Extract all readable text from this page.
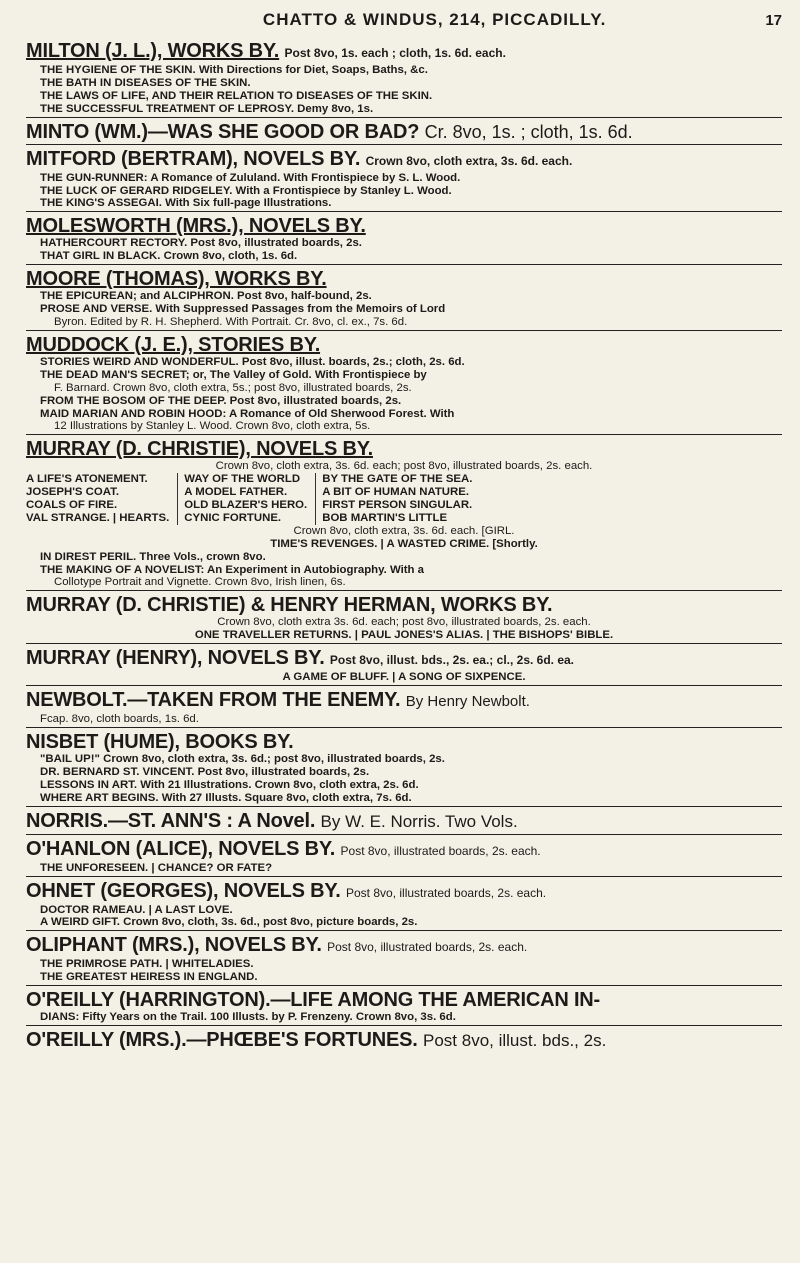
CHATTO & WINDUS, 214, PICCADILLY.	17
MILTON (J. L.), WORKS BY. Post 8vo, 1s. each ; cloth, 1s. 6d. each.
THE HYGIENE OF THE SKIN. With Directions for Diet, Soaps, Baths, &c.
THE BATH IN DISEASES OF THE SKIN.
THE LAWS OF LIFE, AND THEIR RELATION TO DISEASES OF THE SKIN.
THE SUCCESSFUL TREATMENT OF LEPROSY. Demy 8vo, 1s.
MINTO (WM.)—WAS SHE GOOD OR BAD? Cr. 8vo, 1s. ; cloth, 1s. 6d.
MITFORD (BERTRAM), NOVELS BY. Crown 8vo, cloth extra, 3s. 6d. each.
THE GUN-RUNNER: A Romance of Zululand. With Frontispiece by S. L. Wood.
THE LUCK OF GERARD RIDGELEY. With a Frontispiece by Stanley L. Wood.
THE KING'S ASSEGAI. With Six full-page Illustrations.
MOLESWORTH (MRS.), NOVELS BY.
HATHERCOURT RECTORY. Post 8vo, illustrated boards, 2s.
THAT GIRL IN BLACK. Crown 8vo, cloth, 1s. 6d.
MOORE (THOMAS), WORKS BY.
THE EPICUREAN; and ALCIPHRON. Post 8vo, half-bound, 2s.
PROSE AND VERSE. With Suppressed Passages from the Memoirs of Lord
Byron. Edited by R. H. Shepherd. With Portrait. Cr. 8vo, cl. ex., 7s. 6d.
MUDDOCK (J. E.), STORIES BY.
STORIES WEIRD AND WONDERFUL. Post 8vo, illust. boards, 2s.; cloth, 2s. 6d.
THE DEAD MAN'S SECRET; or, The Valley of Gold. With Frontispiece by
F. Barnard. Crown 8vo, cloth extra, 5s.; post 8vo, illustrated boards, 2s.
FROM THE BOSOM OF THE DEEP. Post 8vo, illustrated boards, 2s.
MAID MARIAN AND ROBIN HOOD: A Romance of Old Sherwood Forest. With
12 Illustrations by Stanley L. Wood. Crown 8vo, cloth extra, 5s.
MURRAY (D. CHRISTIE), NOVELS BY.
Crown 8vo, cloth extra, 3s. 6d. each; post 8vo, illustrated boards, 2s. each.
A LIFE'S ATONEMENT.
JOSEPH'S COAT.
COALS OF FIRE.
VAL STRANGE. | HEARTS.
WAY OF THE WORLD
A MODEL FATHER.
OLD BLAZER'S HERO.
CYNIC FORTUNE.
BY THE GATE OF THE SEA.
A BIT OF HUMAN NATURE.
FIRST PERSON SINGULAR.
BOB MARTIN'S LITTLE
Crown 8vo, cloth extra, 3s. 6d. each. [GIRL.
TIME'S REVENGES. | A WASTED CRIME. [Shortly.
IN DIREST PERIL. Three Vols., crown 8vo.
THE MAKING OF A NOVELIST: An Experiment in Autobiography. With a
Collotype Portrait and Vignette. Crown 8vo, Irish linen, 6s.
MURRAY (D. CHRISTIE) & HENRY HERMAN, WORKS BY.
Crown 8vo, cloth extra 3s. 6d. each; post 8vo, illustrated boards, 2s. each.
ONE TRAVELLER RETURNS. | PAUL JONES'S ALIAS. | THE BISHOPS' BIBLE.
MURRAY (HENRY), NOVELS BY. Post 8vo, illust. bds., 2s. ea.; cl., 2s. 6d. ea.
A GAME OF BLUFF. | A SONG OF SIXPENCE.
NEWBOLT.—TAKEN FROM THE ENEMY. By Henry Newbolt.
Fcap. 8vo, cloth boards, 1s. 6d.
NISBET (HUME), BOOKS BY.
"BAIL UP!" Crown 8vo, cloth extra, 3s. 6d.; post 8vo, illustrated boards, 2s.
DR. BERNARD ST. VINCENT. Post 8vo, illustrated boards, 2s.
LESSONS IN ART. With 21 Illustrations. Crown 8vo, cloth extra, 2s. 6d.
WHERE ART BEGINS. With 27 Illusts. Square 8vo, cloth extra, 7s. 6d.
NORRIS.—ST. ANN'S : A Novel. By W. E. Norris. Two Vols.
O'HANLON (ALICE), NOVELS BY. Post 8vo, illustrated boards, 2s. each.
THE UNFORESEEN. | CHANCE? OR FATE?
OHNET (GEORGES), NOVELS BY. Post 8vo, illustrated boards, 2s. each.
DOCTOR RAMEAU. | A LAST LOVE.
A WEIRD GIFT. Crown 8vo, cloth, 3s. 6d., post 8vo, picture boards, 2s.
OLIPHANT (MRS.), NOVELS BY. Post 8vo, illustrated boards, 2s. each.
THE PRIMROSE PATH. | WHITELADIES.
THE GREATEST HEIRESS IN ENGLAND.
O'REILLY (HARRINGTON).—LIFE AMONG THE AMERICAN IN-
DIANS: Fifty Years on the Trail. 100 Illusts. by P. Frenzeny. Crown 8vo, 3s. 6d.
O'REILLY (MRS.).—PHŒBE'S FORTUNES. Post 8vo, illust. bds., 2s.
